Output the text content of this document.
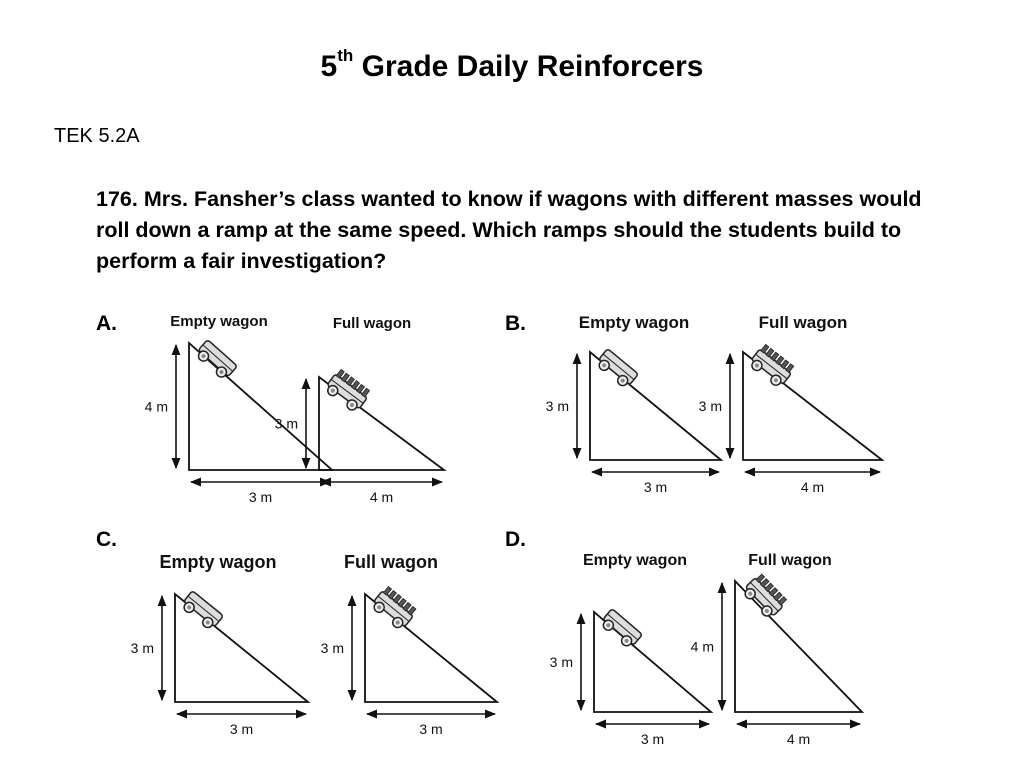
5th Grade Daily Reinforcers
TEK 5.2A
176. Mrs. Fansher’s class wanted to know if wagons with different masses would roll down a ramp at the same speed. Which ramps should the students build to perform a fair investigation?
A.	B.
C.	D.
Empty wagon
4 m
3 m
Full wagon
3 m
4 m
Empty wagon
3 m
3 m
Full wagon
3 m
4 m
Empty wagon
3 m
3 m
Full wagon
3 m
3 m
Empty wagon
3 m
3 m
Full wagon
4 m
4 m
